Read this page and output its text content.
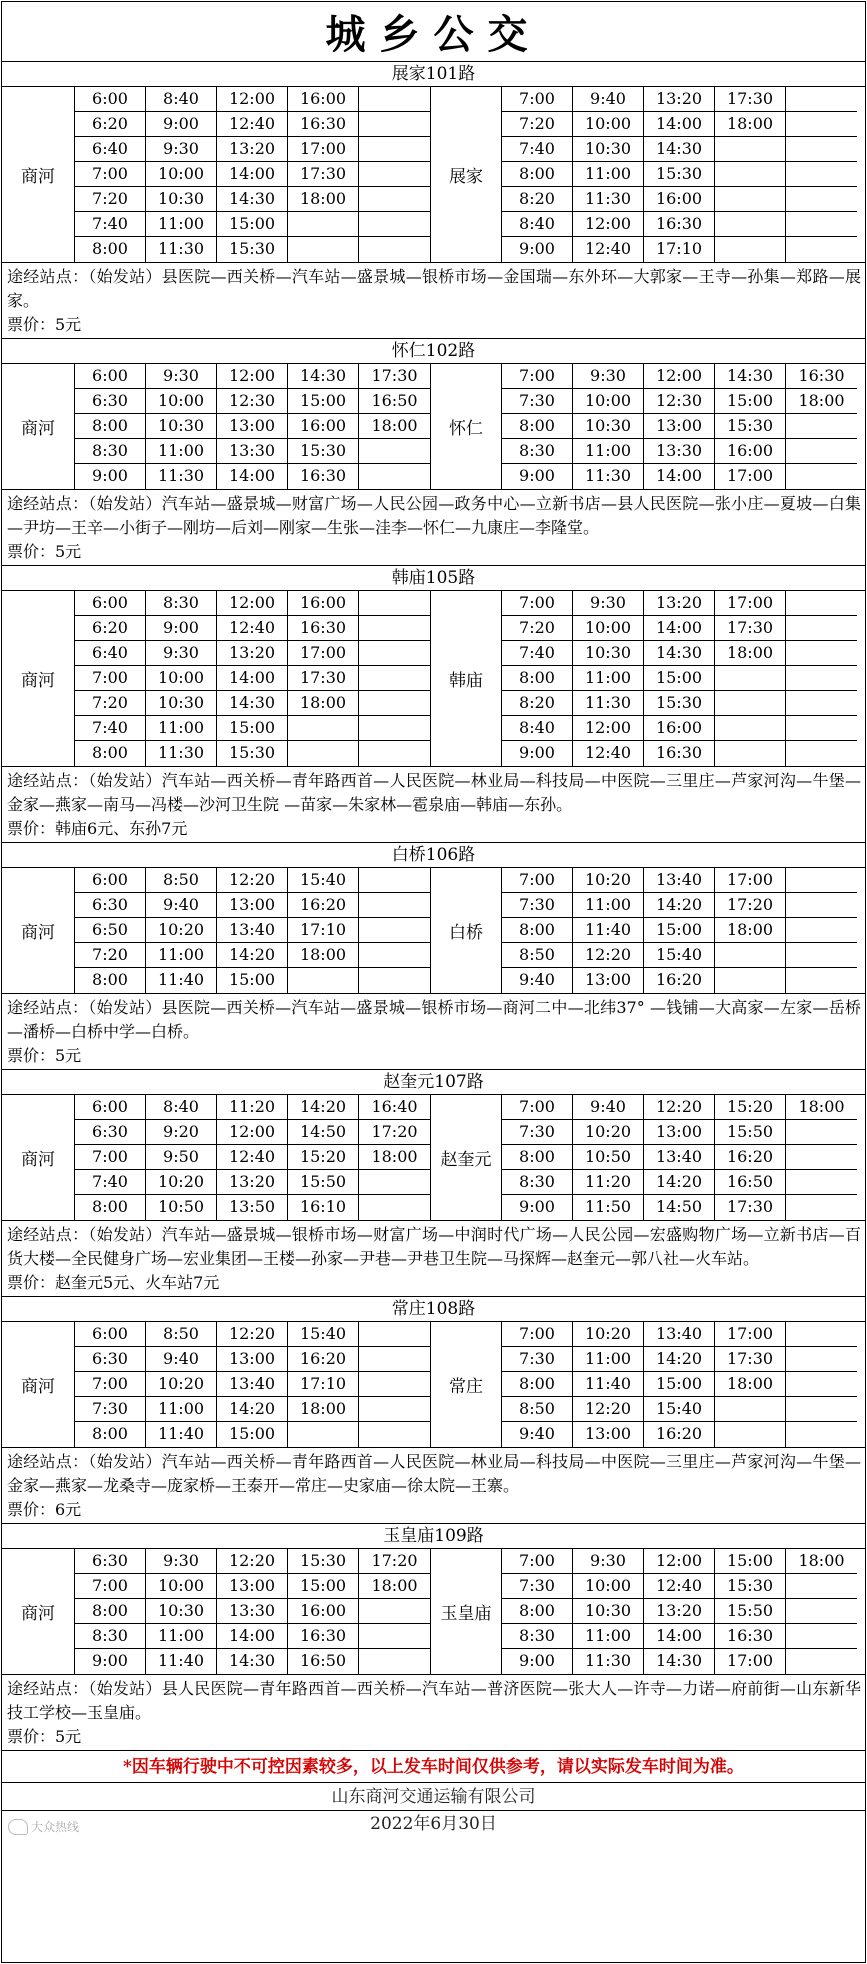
城乡公交
展家101路
商河
6:00	8:40	12:00	16:00
6:20	9:00	12:40	16:30
6:40	9:30	13:20	17:00
7:00	10:00	14:00	17:30
7:20	10:30	14:30	18:00
7:40	11:00	15:00
8:00	11:30	15:30
展家
7:00	9:40	13:20	17:30
7:20	10:00	14:00	18:00
7:40	10:30	14:30
8:00	11:00	15:30
8:20	11:30	16:00
8:40	12:00	16:30
9:00	12:40	17:10
途经站点：（始发站）县医院—西关桥—汽车站—盛景城—银桥市场—金国瑞—东外环—大郭家—王寺—孙集—郑路—展家。
票价：5元
怀仁102路
商河
6:00	9:30	12:00	14:30	17:30
6:30	10:00	12:30	15:00	16:50
8:00	10:30	13:00	16:00	18:00
8:30	11:00	13:30	15:30
9:00	11:30	14:00	16:30
怀仁
7:00	9:30	12:00	14:30	16:30
7:30	10:00	12:30	15:00	18:00
8:00	10:30	13:00	15:30
8:30	11:00	13:30	16:00
9:00	11:30	14:00	17:00
途经站点：（始发站）汽车站—盛景城—财富广场—人民公园—政务中心—立新书店—县人民医院—张小庄—夏坡—白集—尹坊—王辛—小街子—刚坊—后刘—刚家—生张—洼李—怀仁—九康庄—李隆堂。
票价：5元
韩庙105路
商河
6:00	8:30	12:00	16:00
6:20	9:00	12:40	16:30
6:40	9:30	13:20	17:00
7:00	10:00	14:00	17:30
7:20	10:30	14:30	18:00
7:40	11:00	15:00
8:00	11:30	15:30
韩庙
7:00	9:30	13:20	17:00
7:20	10:00	14:00	17:30
7:40	10:30	14:30	18:00
8:00	11:00	15:00
8:20	11:30	15:30
8:40	12:00	16:00
9:00	12:40	16:30
途经站点：（始发站）汽车站—西关桥—青年路西首—人民医院—林业局—科技局—中医院—三里庄—芦家河沟—牛堡—金家—燕家—南马—冯楼—沙河卫生院 —苗家—朱家林—雹泉庙—韩庙—东孙。
票价：韩庙6元、东孙7元
白桥106路
商河
6:00	8:50	12:20	15:40
6:30	9:40	13:00	16:20
6:50	10:20	13:40	17:10
7:20	11:00	14:20	18:00
8:00	11:40	15:00
白桥
7:00	10:20	13:40	17:00
7:30	11:00	14:20	17:20
8:00	11:40	15:00	18:00
8:50	12:20	15:40
9:40	13:00	16:20
途经站点：（始发站）县医院—西关桥—汽车站—盛景城—银桥市场—商河二中—北纬37° —钱铺—大高家—左家—岳桥—潘桥—白桥中学—白桥。
票价：5元
赵奎元107路
商河
6:00	8:40	11:20	14:20	16:40
6:30	9:20	12:00	14:50	17:20
7:00	9:50	12:40	15:20	18:00
7:40	10:20	13:20	15:50
8:00	10:50	13:50	16:10
赵奎元
7:00	9:40	12:20	15:20	18:00
7:30	10:20	13:00	15:50
8:00	10:50	13:40	16:20
8:30	11:20	14:20	16:50
9:00	11:50	14:50	17:30
途经站点：（始发站）汽车站—盛景城—银桥市场—财富广场—中润时代广场—人民公园—宏盛购物广场—立新书店—百货大楼—全民健身广场—宏业集团—王楼—孙家—尹巷—尹巷卫生院—马探辉—赵奎元—郭八社—火车站。
票价：赵奎元5元、火车站7元
常庄108路
商河
6:00	8:50	12:20	15:40
6:30	9:40	13:00	16:20
7:00	10:20	13:40	17:10
7:30	11:00	14:20	18:00
8:00	11:40	15:00
常庄
7:00	10:20	13:40	17:00
7:30	11:00	14:20	17:30
8:00	11:40	15:00	18:00
8:50	12:20	15:40
9:40	13:00	16:20
途经站点：（始发站）汽车站—西关桥—青年路西首—人民医院—林业局—科技局—中医院—三里庄—芦家河沟—牛堡—金家—燕家—龙桑寺—庞家桥—王泰开—常庄—史家庙—徐太院—王寨。
票价：6元
玉皇庙109路
商河
6:30	9:30	12:20	15:30	17:20
7:00	10:00	13:00	15:00	18:00
8:00	10:30	13:30	16:00
8:30	11:00	14:00	16:30
9:00	11:40	14:30	16:50
玉皇庙
7:00	9:30	12:00	15:00	18:00
7:30	10:00	12:40	15:30
8:00	10:30	13:20	15:50
8:30	11:00	14:00	16:30
9:00	11:30	14:30	17:00
途经站点：（始发站）县人民医院—青年路西首—西关桥—汽车站—普济医院—张大人—许寺—力诺—府前街—山东新华技工学校—玉皇庙。
票价：5元
*因车辆行驶中不可控因素较多，以上发车时间仅供参考，请以实际发车时间为准。
山东商河交通运输有限公司
大众热线	2022年6月30日
